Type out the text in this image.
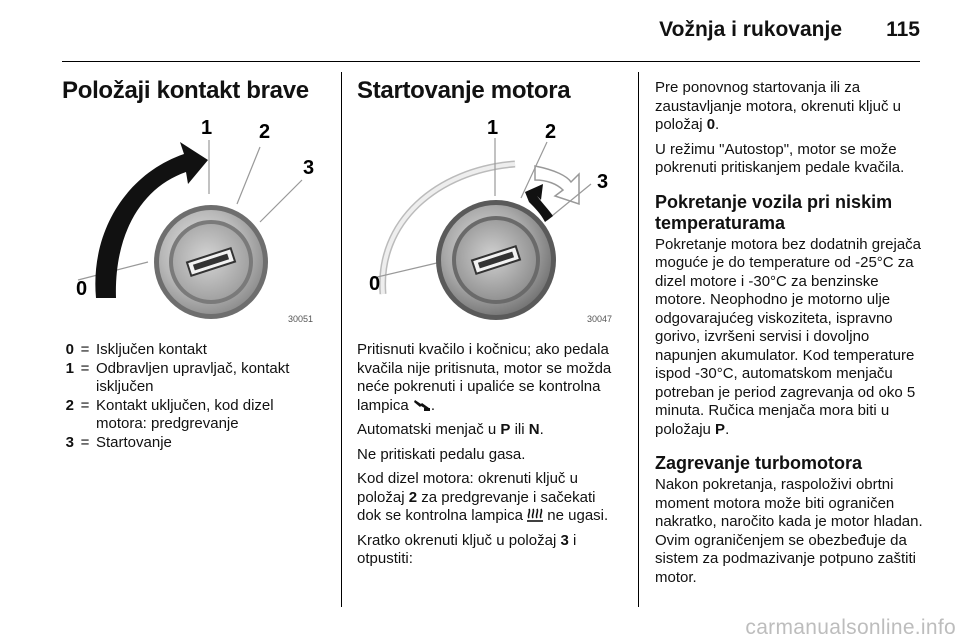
Vožnja i rukovanje 115
Položaji kontakt brave
0
1 2
3
30051
0 = Isključen kontakt
1 = Odbravljen upravljač, kontakt isključen
2 = Kontakt uključen, kod dizel motora: predgrevanje
3 = Startovanje
Startovanje motora
0
1 2
3
30047

Pritisnuti kvačilo i kočnicu; ako pedala kvačila nije pritisnuta, motor se možda neće pokrenuti i upaliće se kontrolna lampica .

Automatski menjač u P ili N.

Ne pritiskati pedalu gasa.

Kod dizel motora: okrenuti ključ u položaj 2 za predgrevanje i sačekati dok se kontrolna lampica  ne ugasi.

Kratko okrenuti ključ u položaj 3 i otpustiti:

Pre ponovnog startovanja ili za zaustavljanje motora, okrenuti ključ u položaj 0.

U režimu "Autostop", motor se može pokrenuti pritiskanjem pedale kvačila.

Pokretanje vozila pri niskim temperaturama

Pokretanje motora bez dodatnih grejača moguće je do temperature od -25°C za dizel motore i -30°C za benzinske motore. Neophodno je motorno ulje odgovarajućeg viskoziteta, ispravno gorivo, izvršeni servisi i dovoljno napunjen akumulator. Kod temperature ispod -30°C, automatskom menjaču potreban je period zagrevanja od oko 5 minuta. Ručica menjača mora biti u položaju P.

Zagrevanje turbomotora

Nakon pokretanja, raspoloživi obrtni moment motora može biti ograničen nakratko, naročito kada je motor hladan. Ovim ograničenjem se obezbeđuje da sistem za podmazivanje potpuno zaštiti motor.

carmanualsonline.info
